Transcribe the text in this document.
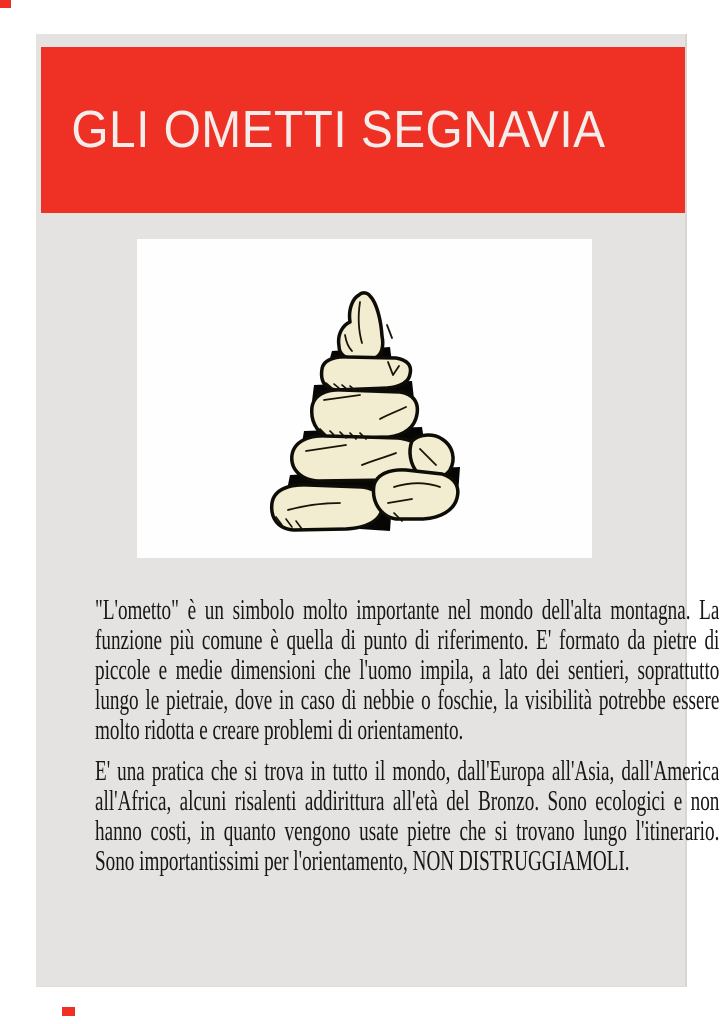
GLI OMETTI SEGNAVIA
"L'ometto" è un simbolo molto importante nel mondo dell'alta montagna. La
funzione più comune è quella di punto di riferimento. E' formato da pietre di
piccole e medie dimensioni che l'uomo impila, a lato dei sentieri, soprattutto
lungo le pietraie, dove in caso di nebbie o foschie, la visibilità potrebbe essere
molto ridotta e creare problemi di orientamento.
E' una pratica che si trova in tutto il mondo, dall'Europa all'Asia, dall'America
all'Africa, alcuni risalenti addirittura all'età del Bronzo. Sono ecologici e non
hanno costi, in quanto vengono usate pietre che si trovano lungo l'itinerario.
Sono importantissimi per l'orientamento, NON DISTRUGGIAMOLI.
